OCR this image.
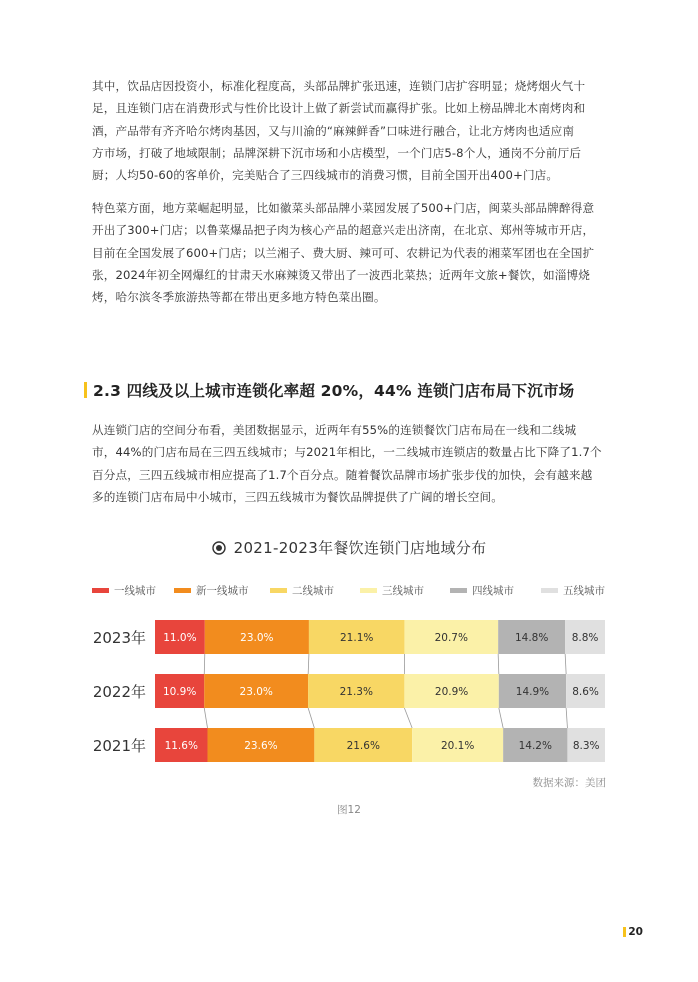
其中，饮品店因投资小，标准化程度高，头部品牌扩张迅速，连锁门店扩容明显；烧烤烟火气十
足，且连锁门店在消费形式与性价比设计上做了新尝试而赢得扩张。比如上榜品牌北木南烤肉和
酒，产品带有齐齐哈尔烤肉基因，又与川渝的“麻辣鲜香”口味进行融合，让北方烤肉也适应南
方市场，打破了地域限制；品牌深耕下沉市场和小店模型，一个门店5-8个人，通岗不分前厅后
厨；人均50-60的客单价，完美贴合了三四线城市的消费习惯，目前全国开出400+门店。
特色菜方面，地方菜崛起明显，比如徽菜头部品牌小菜园发展了500+门店，闽菜头部品牌醉得意
开出了300+门店；以鲁菜爆品把子肉为核心产品的超意兴走出济南，在北京、郑州等城市开店，
目前在全国发展了600+门店；以兰湘子、费大厨、辣可可、农耕记为代表的湘菜军团也在全国扩
张，2024年初全网爆红的甘肃天水麻辣烫又带出了一波西北菜热；近两年文旅+餐饮，如淄博烧
烤，哈尔滨冬季旅游热等都在带出更多地方特色菜出圈。
2.3 四线及以上城市连锁化率超 20%，44% 连锁门店布局下沉市场
从连锁门店的空间分布看，美团数据显示，近两年有55%的连锁餐饮门店布局在一线和二线城
市，44%的门店布局在三四五线城市；与2021年相比，一二线城市连锁店的数量占比下降了1.7个
百分点，三四五线城市相应提高了1.7个百分点。随着餐饮品牌市场扩张步伐的加快，会有越来越
多的连锁门店布局中小城市，三四五线城市为餐饮品牌提供了广阔的增长空间。
2021-2023年餐饮连锁门店地域分布
一线城市	新一线城市	二线城市	三线城市	四线城市	五线城市
2023年 11.0%	23.0%	21.1%	20.7%	14.8% 8.8%
2022年 10.9%	23.0%	21.3%	20.9%	14.9% 8.6%
2021年 11.6%	23.6%	21.6%	20.1%	14.2% 8.3%
数据来源：美团
图12
20
